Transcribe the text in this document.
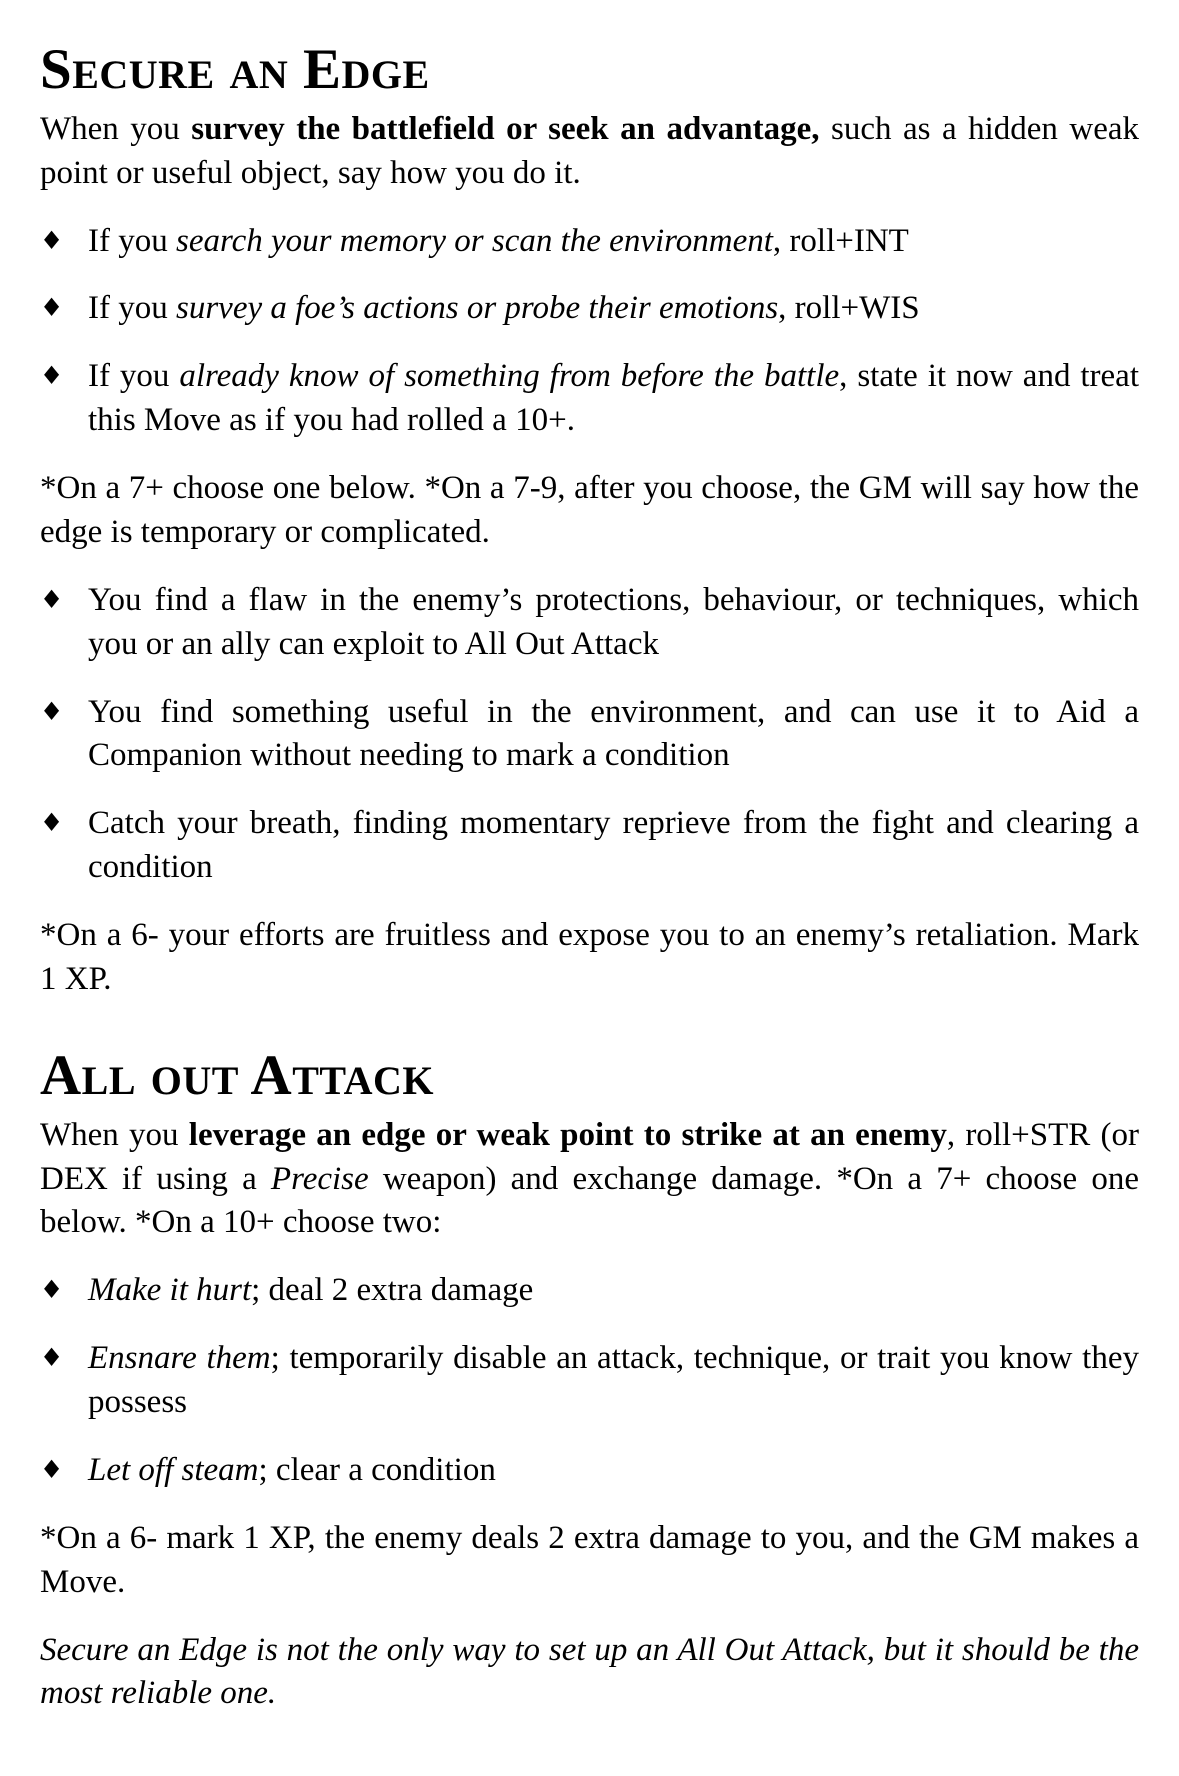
Secure an Edge

When you survey the battlefield or seek an advantage, such as a hidden weak point or useful object, say how you do it.

◆ If you search your memory or scan the environment, roll+INT
◆ If you survey a foe’s actions or probe their emotions, roll+WIS
◆ If you already know of something from before the battle, state it now and treat this Move as if you had rolled a 10+.

*On a 7+ choose one below. *On a 7-9, after you choose, the GM will say how the edge is temporary or complicated.

◆ You find a flaw in the enemy’s protections, behaviour, or techniques, which you or an ally can exploit to All Out Attack
◆ You find something useful in the environment, and can use it to Aid a Companion without needing to mark a condition
◆ Catch your breath, finding momentary reprieve from the fight and clearing a condition

*On a 6- your efforts are fruitless and expose you to an enemy’s retaliation. Mark 1 XP.

All out Attack

When you leverage an edge or weak point to strike at an enemy, roll+STR (or DEX if using a Precise weapon) and exchange damage. *On a 7+ choose one below. *On a 10+ choose two:

◆ Make it hurt; deal 2 extra damage
◆ Ensnare them; temporarily disable an attack, technique, or trait you know they possess
◆ Let off steam; clear a condition

*On a 6- mark 1 XP, the enemy deals 2 extra damage to you, and the GM makes a Move.

Secure an Edge is not the only way to set up an All Out Attack, but it should be the most reliable one.
